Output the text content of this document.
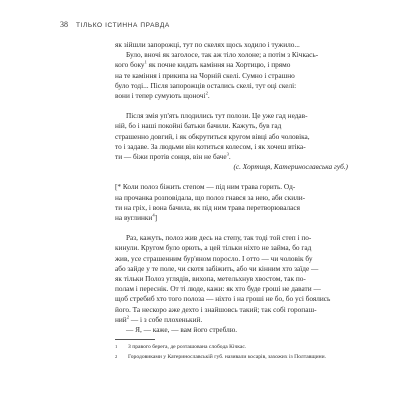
38 ТІЛЬКО ІСТИННА ПРАВДА

як зійшли запорожці, тут по скелях щось ходило і тужило...

Було, вночі як заголосе, так аж тіло холоне; а потім з Кічкась-

кого боку$^1$ як почне кидать каміння на Хортицю, і прямо

на те каміння і прикипа на Чорній скелі. Сумно і страшно

було тоді... Після запорожців остались скелі, тут оці скелі:

вони і тепер сумують щоночі$^2$.

Після змія уп'ять плодились тут полози. Це уже гад недав-

ній, бо і наші покойні батьки бачили. Кажуть, був гад

страшенно довгий, і як обкрутиться кругом вівці або чоловіка,

то і задаве. За людьми він котиться колесом, і як хочеш втіка-

ти — біжи протів сонця, він не баче$^3$.

(с. Хортиця, Катеринославська губ.)

[* Коли полоз біжить степом — під ним трава горить. Од-

на прочанка розповідала, що полоз гнався за нею, аби скили-

ти на гріх, і вона бачила, як під ним трава перетворювалася

на вуглинки$^4$]

Раз, кажуть, полоз жив десь на степу, так тоді той степ і по-

кинули. Кругом було орють, а цей тільки ніхто не займа, бо гад

жив, усе страшенним бур'яном поросло. І отто — чи чоловік бу

або зайде у те поле, чи скотя забіжить, або чи кінним хто заїде —

як тільки Полоз углядів, вихопа, метельхнув хвостом, так по-

полам і переснік. От ті люде, кажи: як хто буде гроші не давати —

щоб стребиб хто того полоза — ніхто і на гроші не бо, бо усі боялись

його. Та нескоро аже дехто і знайшовсь такий; так собі горопаш-

ний$^2$ — і з собе плохенький.

— Я, — каже, — вам його стреблю.

1	З правого берега, де розташована слобода Кічкас.
2	Городовиками у Катеринославській губ. називали косарів, захожих із Полтавщини.
